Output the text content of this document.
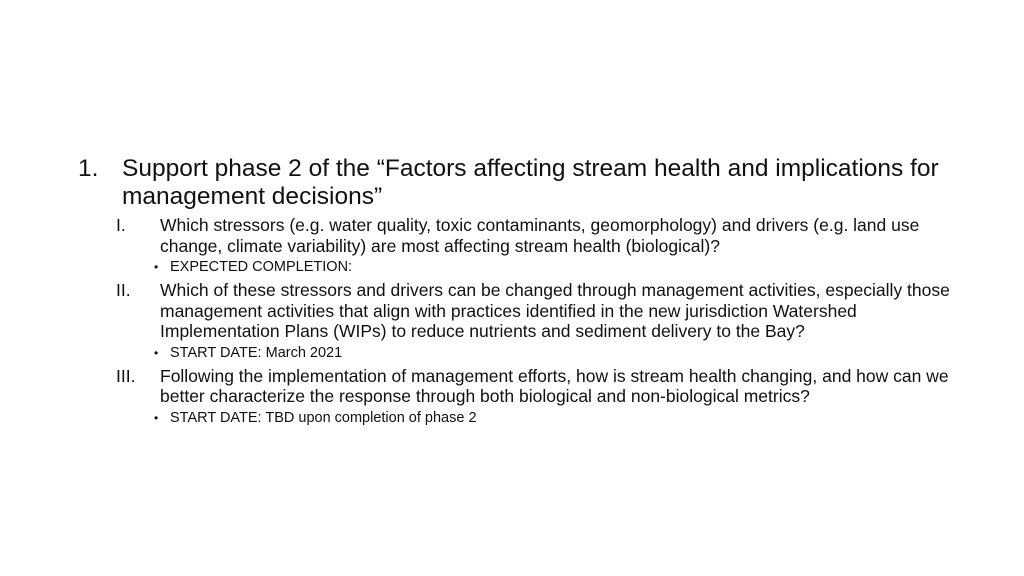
1. Support phase 2 of the “Factors affecting stream health and implications for management decisions”
I.	Which stressors (e.g. water quality, toxic contaminants, geomorphology) and drivers (e.g. land use change, climate variability) are most affecting stream health (biological)?
• EXPECTED COMPLETION:
II.	Which of these stressors and drivers can be changed through management activities, especially those management activities that align with practices identified in the new jurisdiction Watershed Implementation Plans (WIPs) to reduce nutrients and sediment delivery to the Bay?
• START DATE: March 2021
III.	Following the implementation of management efforts, how is stream health changing, and how can we better characterize the response through both biological and non-biological metrics?
• START DATE: TBD upon completion of phase 2
